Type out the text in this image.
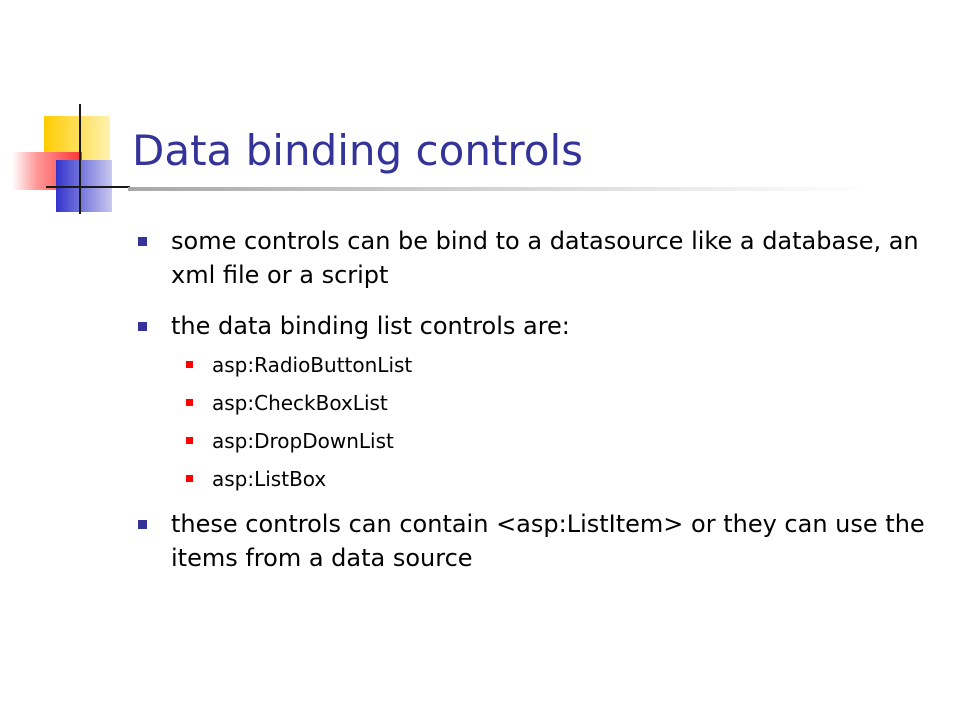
Data binding controls
some controls can be bind to a datasource like a database, an xml file or a script
the data binding list controls are:
asp:RadioButtonList
asp:CheckBoxList
asp:DropDownList
asp:ListBox
these controls can contain <asp:ListItem> or they can use the items from a data source
